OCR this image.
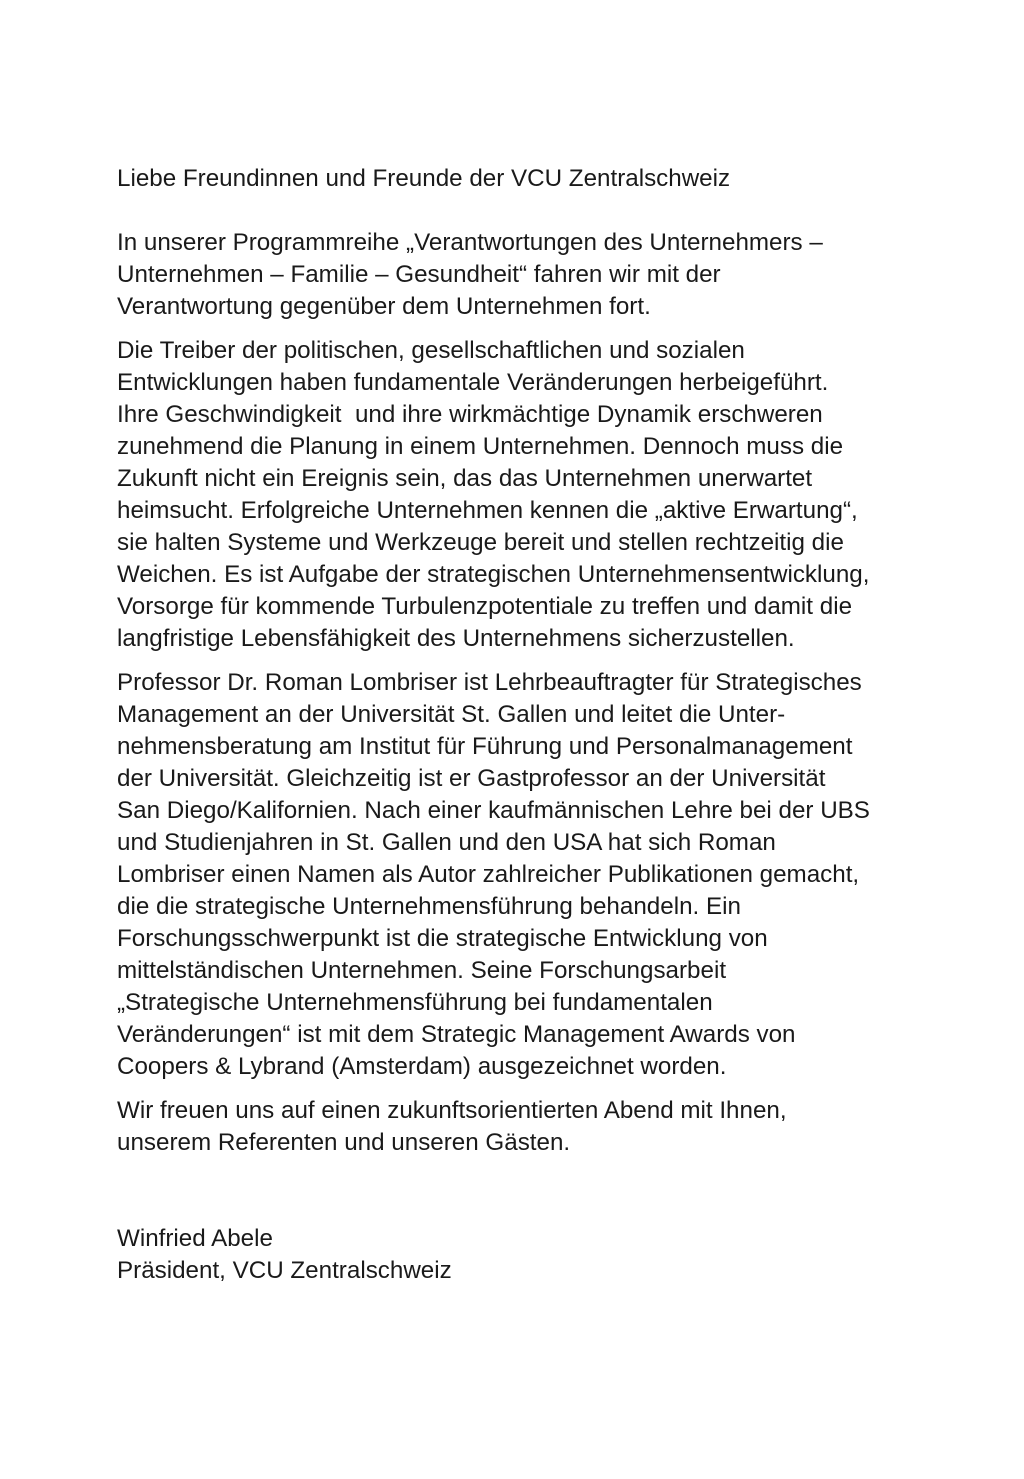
Liebe Freundinnen und Freunde der VCU Zentralschweiz
In unserer Programmreihe „Verantwortungen des Unternehmers –
Unternehmen – Familie – Gesundheit“ fahren wir mit der
Verantwortung gegenüber dem Unternehmen fort.
Die Treiber der politischen, gesellschaftlichen und sozialen
Entwicklungen haben fundamentale Veränderungen herbeigeführt.
Ihre Geschwindigkeit  und ihre wirkmächtige Dynamik erschweren
zunehmend die Planung in einem Unternehmen. Dennoch muss die
Zukunft nicht ein Ereignis sein, das das Unternehmen unerwartet
heimsucht. Erfolgreiche Unternehmen kennen die „aktive Erwartung“,
sie halten Systeme und Werkzeuge bereit und stellen rechtzeitig die
Weichen. Es ist Aufgabe der strategischen Unternehmensentwicklung,
Vorsorge für kommende Turbulenzpotentiale zu treffen und damit die
langfristige Lebensfähigkeit des Unternehmens sicherzustellen.
Professor Dr. Roman Lombriser ist Lehrbeauftragter für Strategisches
Management an der Universität St. Gallen und leitet die Unter-
nehmensberatung am Institut für Führung und Personalmanagement
der Universität. Gleichzeitig ist er Gastprofessor an der Universität
San Diego/Kalifornien. Nach einer kaufmännischen Lehre bei der UBS
und Studienjahren in St. Gallen und den USA hat sich Roman
Lombriser einen Namen als Autor zahlreicher Publikationen gemacht,
die die strategische Unternehmensführung behandeln. Ein
Forschungsschwerpunkt ist die strategische Entwicklung von
mittelständischen Unternehmen. Seine Forschungsarbeit
„Strategische Unternehmensführung bei fundamentalen
Veränderungen“ ist mit dem Strategic Management Awards von
Coopers & Lybrand (Amsterdam) ausgezeichnet worden.
Wir freuen uns auf einen zukunftsorientierten Abend mit Ihnen,
unserem Referenten und unseren Gästen.
Winfried Abele
Präsident, VCU Zentralschweiz
